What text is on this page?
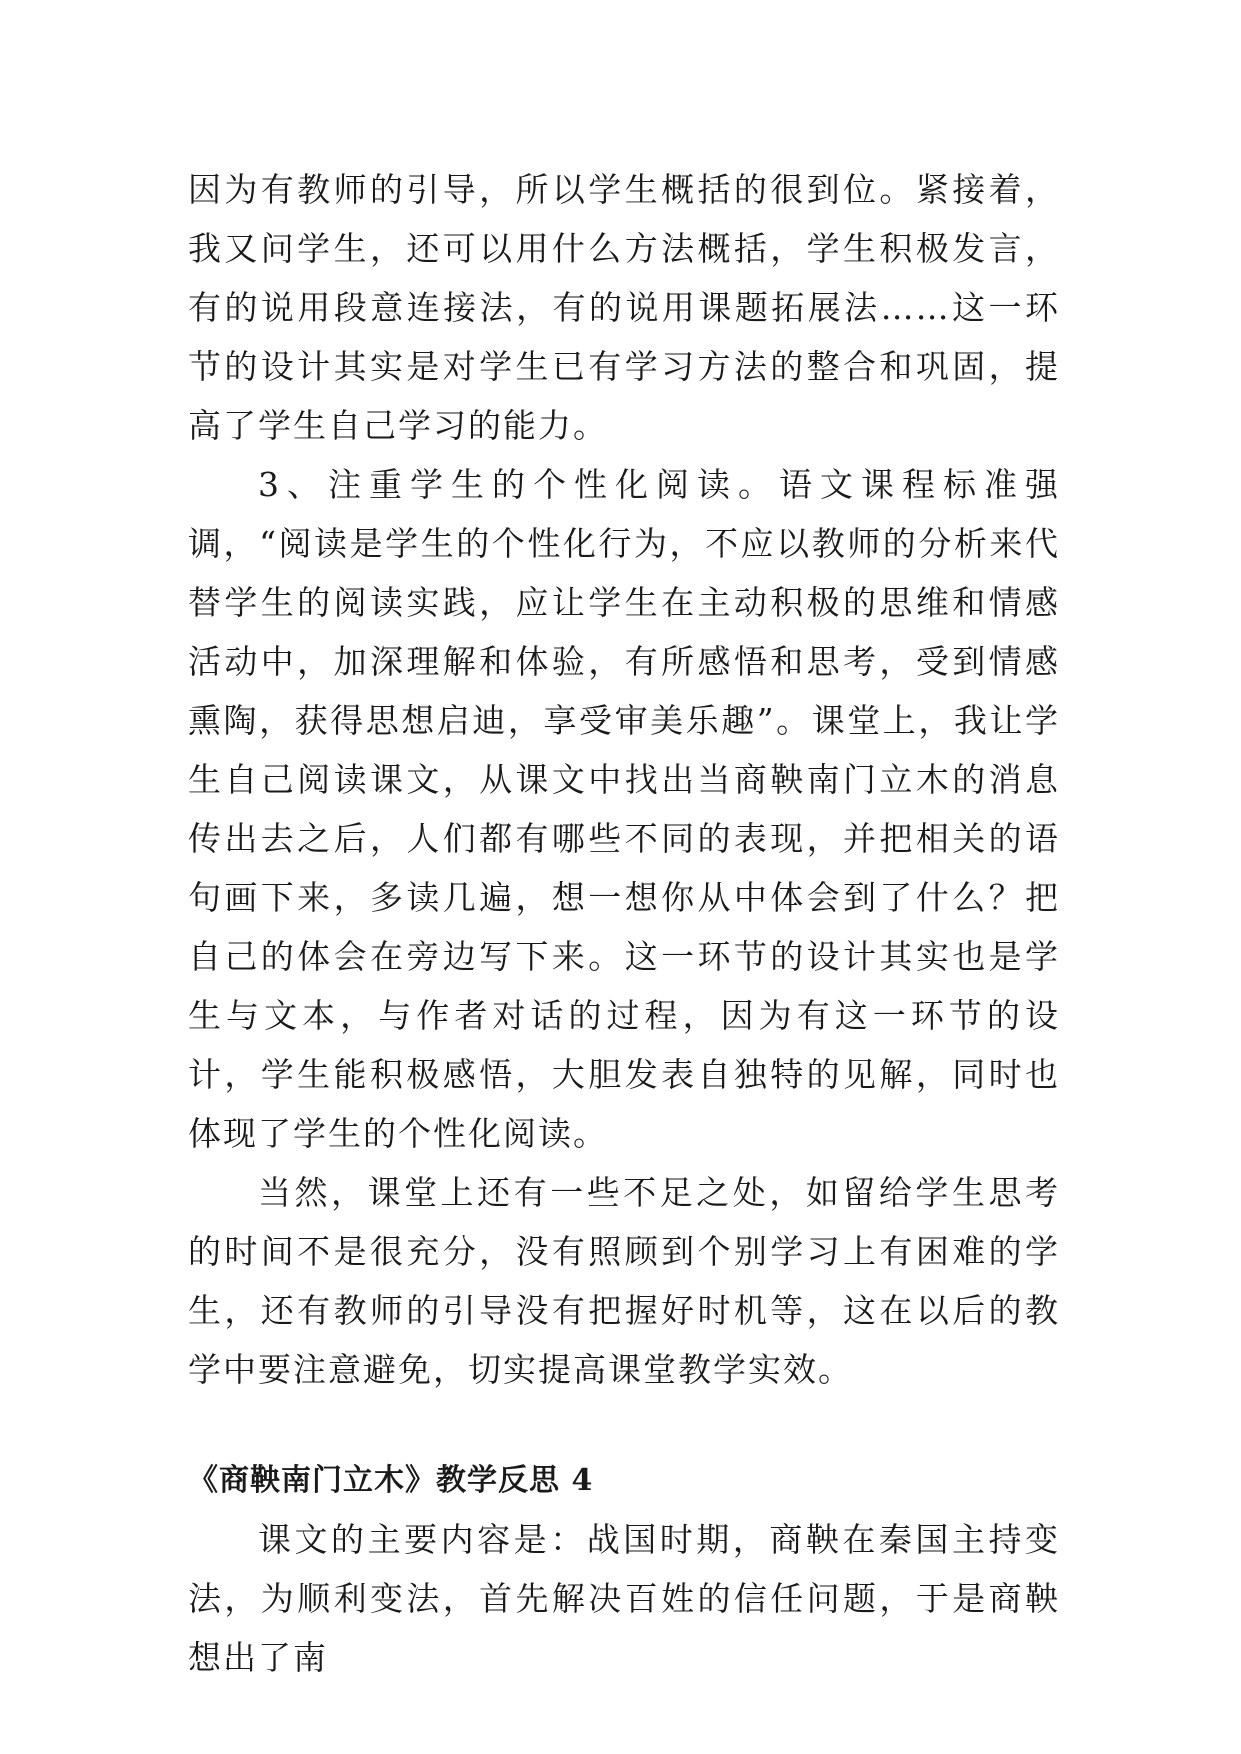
因为有教师的引导，所以学生概括的很到位。紧接着，我又问学生，还可以用什么方法概括，学生积极发言，有的说用段意连接法，有的说用课题拓展法……这一环节的设计其实是对学生已有学习方法的整合和巩固，提高了学生自己学习的能力。

3、注重学生的个性化阅读。语文课程标准强调，“阅读是学生的个性化行为，不应以教师的分析来代替学生的阅读实践，应让学生在主动积极的思维和情感活动中，加深理解和体验，有所感悟和思考，受到情感熏陶，获得思想启迪，享受审美乐趣”。课堂上，我让学生自己阅读课文，从课文中找出当商鞅南门立木的消息传出去之后，人们都有哪些不同的表现，并把相关的语句画下来，多读几遍，想一想你从中体会到了什么？把自己的体会在旁边写下来。这一环节的设计其实也是学生与文本，与作者对话的过程，因为有这一环节的设计，学生能积极感悟，大胆发表自独特的见解，同时也体现了学生的个性化阅读。

当然，课堂上还有一些不足之处，如留给学生思考的时间不是很充分，没有照顾到个别学习上有困难的学生，还有教师的引导没有把握好时机等，这在以后的教学中要注意避免，切实提高课堂教学实效。

《商鞅南门立木》教学反思 4

课文的主要内容是：战国时期，商鞅在秦国主持变法，为顺利变法，首先解决百姓的信任问题，于是商鞅想出了南
